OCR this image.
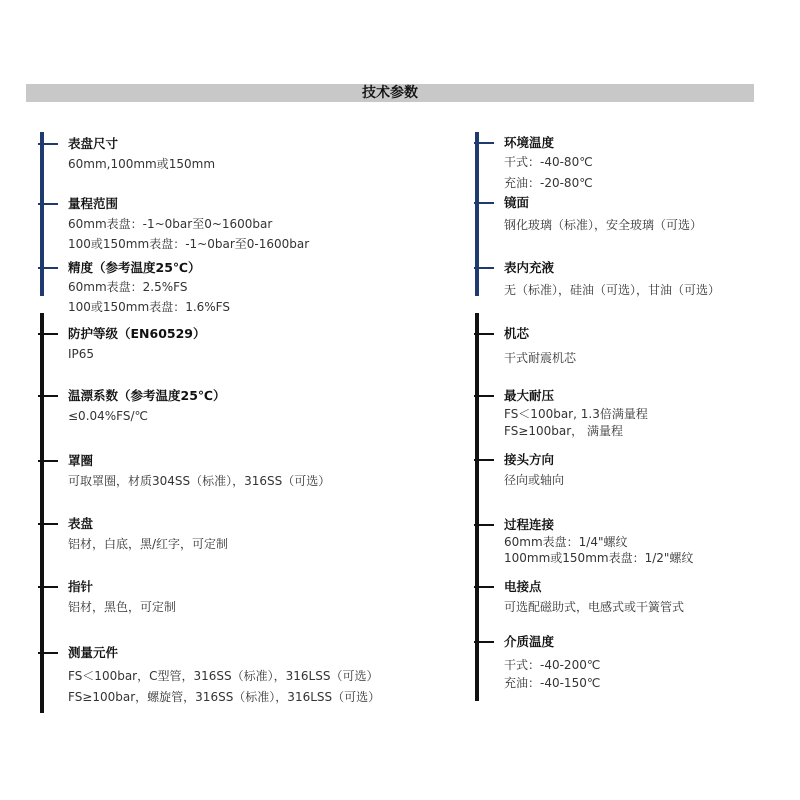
技术参数
表盘尺寸

60mm,100mm或150mm

量程范围

60mm表盘：-1~0bar至0~1600bar

100或150mm表盘：-1~0bar至0-1600bar

精度（参考温度25℃）

60mm表盘：2.5%FS

100或150mm表盘：1.6%FS

防护等级（EN60529）

IP65

温漂系数（参考温度25℃）

≤0.04%FS/℃

罩圈

可取罩圈，材质304SS（标准），316SS（可选）

表盘

铝材，白底，黑/红字，可定制

指针

铝材，黑色，可定制

测量元件

FS＜100bar，C型管，316SS（标准），316LSS（可选）

FS≥100bar，螺旋管，316SS（标准），316LSS（可选）

环境温度

干式：-40-80℃

充油：-20-80℃

镜面

钢化玻璃（标准），安全玻璃（可选）

表内充液

无（标准），硅油（可选），甘油（可选）

机芯

干式耐震机芯

最大耐压

FS＜100bar, 1.3倍满量程

FS≥100bar， 满量程

接头方向

径向或轴向

过程连接

60mm表盘：1/4"螺纹

100mm或150mm表盘：1/2"螺纹

电接点

可选配磁助式，电感式或干簧管式

介质温度

干式：-40-200℃

充油：-40-150℃
